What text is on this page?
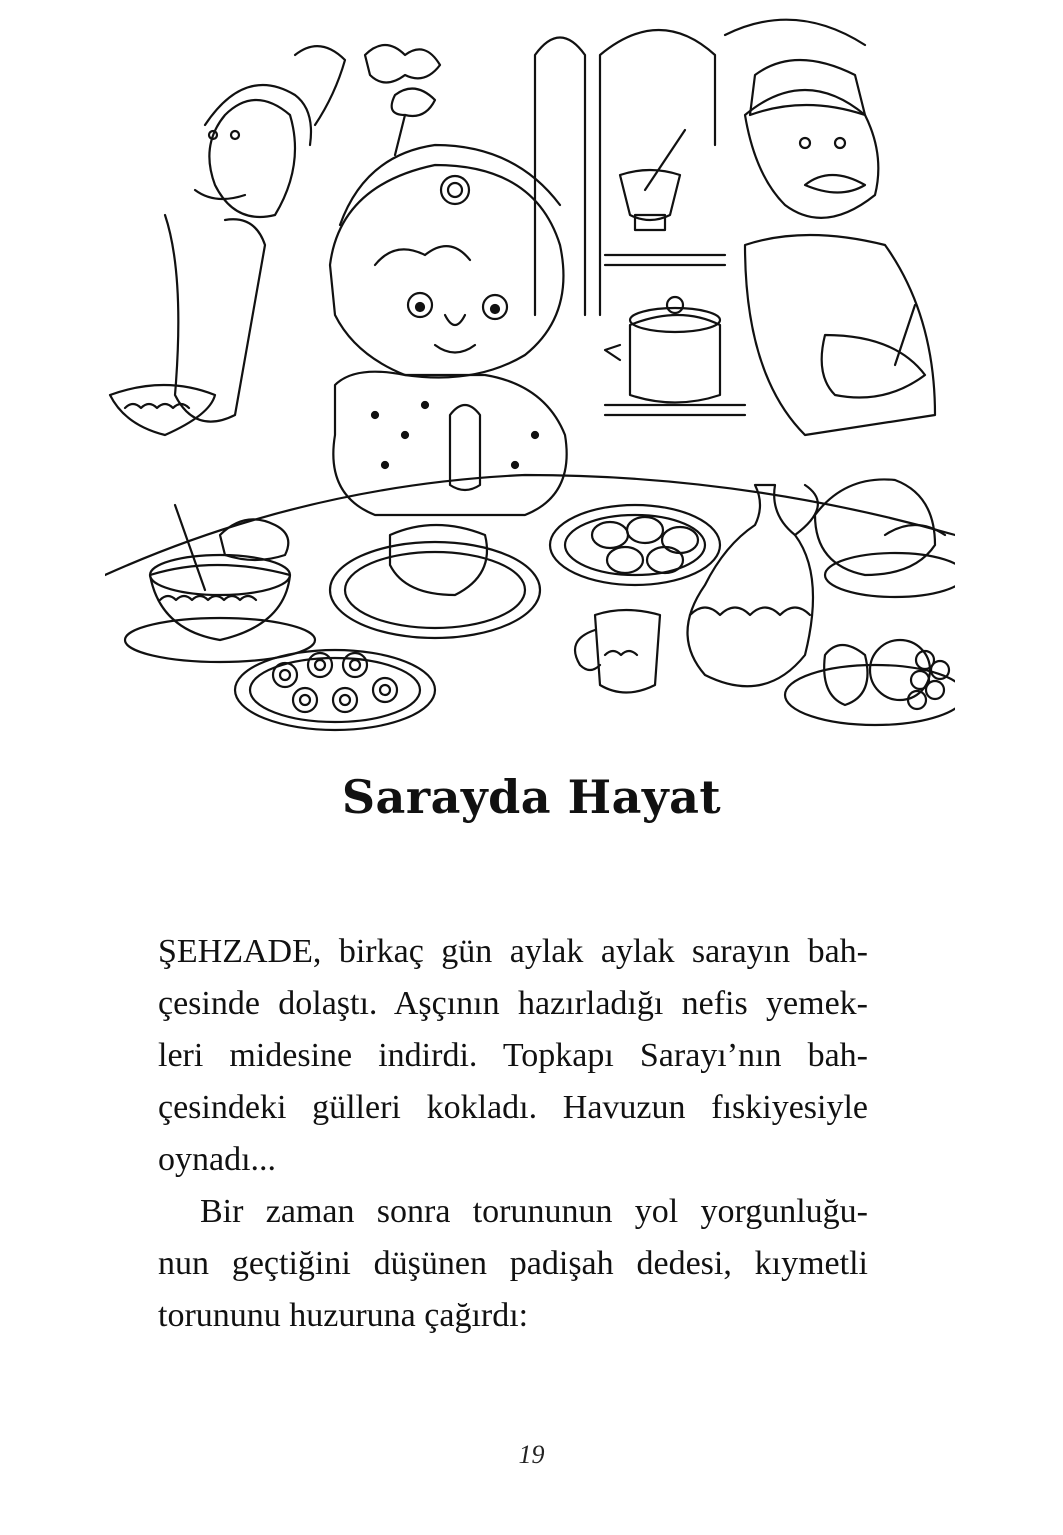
Sarayda Hayat
ŞEHZADE, birkaç gün aylak aylak sarayın bah-
çesinde dolaştı. Aşçının hazırladığı nefis yemek-
leri midesine indirdi. Topkapı Sarayı’nın bah-
çesindeki gülleri kokladı. Havuzun fıskiyesiyle
oynadı...
Bir zaman sonra torununun yol yorgunluğu-
nun geçtiğini düşünen padişah dedesi, kıymetli
torununu huzuruna çağırdı:
19
